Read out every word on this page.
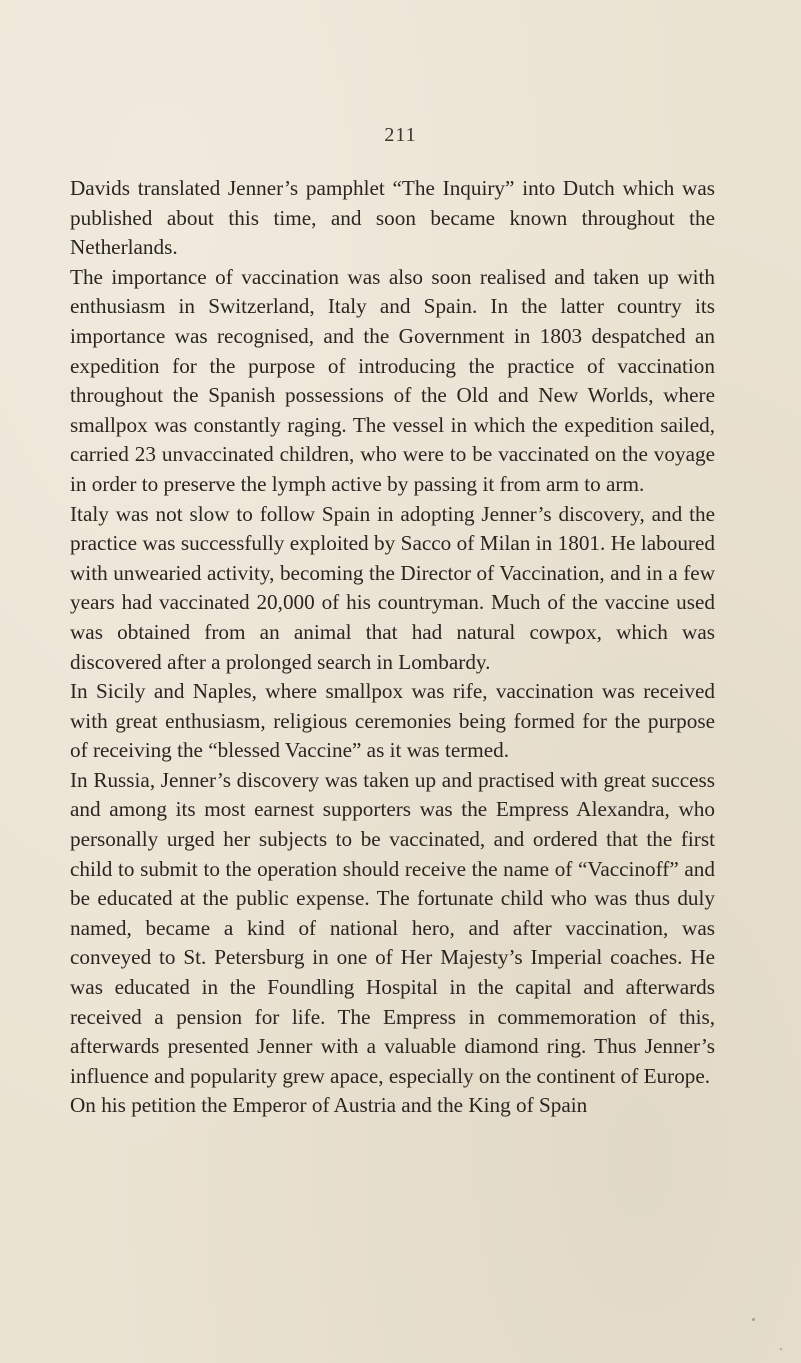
211

Davids translated Jenner’s pamphlet “The Inquiry” into Dutch which was published about this time, and soon became known throughout the Netherlands.

The importance of vaccination was also soon realised and taken up with enthusiasm in Switzerland, Italy and Spain. In the latter country its importance was recognised, and the Government in 1803 despatched an expedition for the purpose of introducing the practice of vaccination throughout the Spanish possessions of the Old and New Worlds, where smallpox was constantly raging. The vessel in which the expedition sailed, carried 23 unvaccinated children, who were to be vaccinated on the voyage in order to preserve the lymph active by passing it from arm to arm.

Italy was not slow to follow Spain in adopting Jenner’s discovery, and the practice was successfully exploited by Sacco of Milan in 1801. He laboured with unwearied activity, becoming the Director of Vaccination, and in a few years had vaccinated 20,000 of his countryman. Much of the vaccine used was obtained from an animal that had natural cowpox, which was discovered after a prolonged search in Lombardy.

In Sicily and Naples, where smallpox was rife, vaccination was received with great enthusiasm, religious ceremonies being formed for the purpose of receiving the “blessed Vaccine” as it was termed.

In Russia, Jenner’s discovery was taken up and practised with great success and among its most earnest supporters was the Empress Alexandra, who personally urged her subjects to be vaccinated, and ordered that the first child to submit to the operation should receive the name of “Vaccinoff” and be educated at the public expense. The fortunate child who was thus duly named, became a kind of national hero, and after vaccination, was conveyed to St. Petersburg in one of Her Majesty’s Imperial coaches. He was educated in the Foundling Hospital in the capital and afterwards received a pension for life. The Empress in commemoration of this, afterwards presented Jenner with a valuable diamond ring. Thus Jenner’s influence and popularity grew apace, especially on the continent of Europe.

On his petition the Emperor of Austria and the King of Spain
